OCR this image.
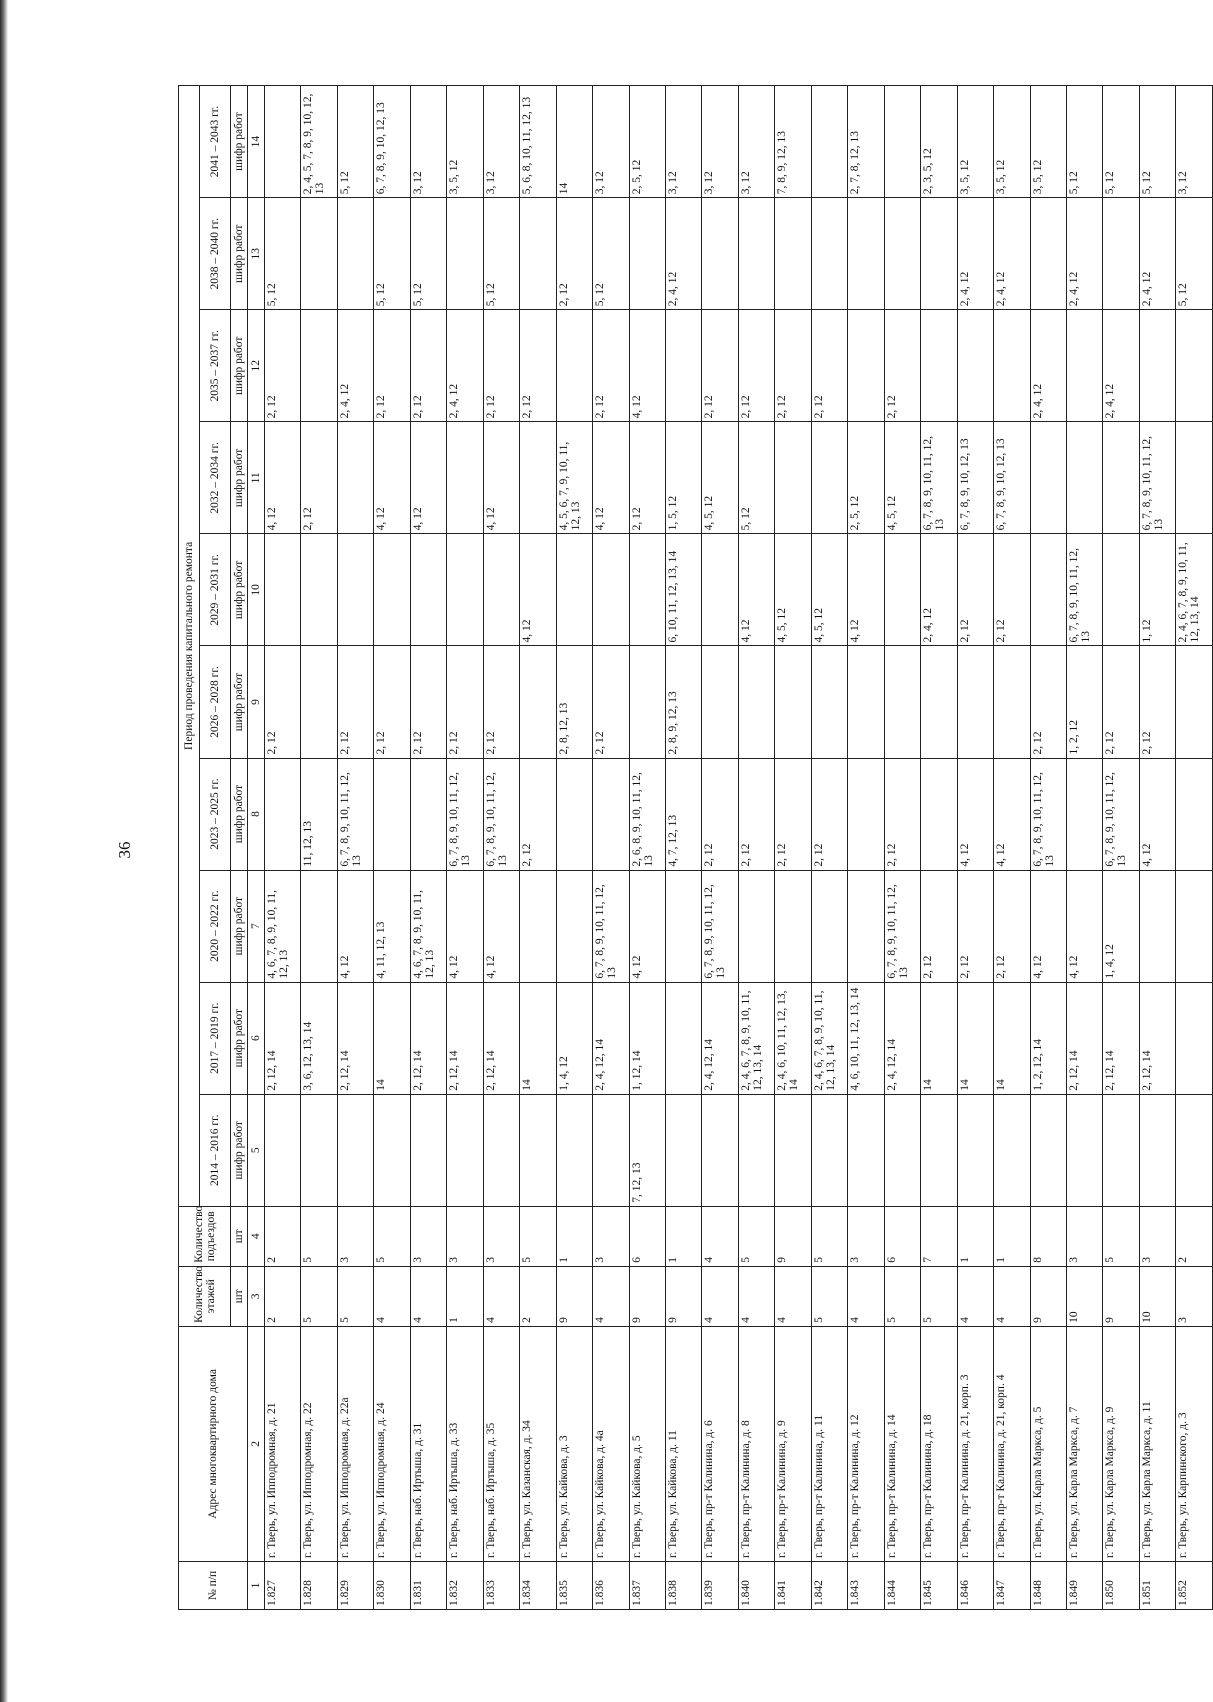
36
№ п/п	Адрес многоквартирного дома	Количество этажей	Количество подъездов	Период проведения капитального ремонта									
				2014 – 2016 гг.	2017 – 2019 гг.	2020 – 2022 гг.	2023 – 2025 гг.	2026 – 2028 гг.	2029 – 2031 гг.	2032 – 2034 гг.	2035 – 2037 гг.	2038 – 2040 гг.	2041 – 2043 гг.
		шт	шт	шифр работ	шифр работ	шифр работ	шифр работ	шифр работ	шифр работ	шифр работ	шифр работ	шифр работ	шифр работ
1	2	3	4	5	6	7	8	9	10	11	12	13	14
1.827	г. Тверь, ул. Ипподромная, д. 21	2	2		2, 12, 14	4, 6, 7, 8, 9, 10, 11, 12, 13		2, 12		4, 12	2, 12	5, 12	
1.828	г. Тверь, ул. Ипподромная, д. 22	5	5		3, 6, 12, 13, 14		11, 12, 13			2, 12			2, 4, 5, 7, 8, 9, 10, 12, 13
1.829	г. Тверь, ул. Ипподромная, д. 22а	5	3		2, 12, 14	4, 12	6, 7, 8, 9, 10, 11, 12, 13	2, 12			2, 4, 12		5, 12
1.830	г. Тверь, ул. Ипподромная, д. 24	4	5		14	4, 11, 12, 13		2, 12		4, 12	2, 12	5, 12	6, 7, 8, 9, 10, 12, 13
1.831	г. Тверь, наб. Иртыша, д. 31	4	3		2, 12, 14	4, 6, 7, 8, 9, 10, 11, 12, 13		2, 12		4, 12	2, 12	5, 12	3, 12
1.832	г. Тверь, наб. Иртыша, д. 33	1	3		2, 12, 14	4, 12	6, 7, 8, 9, 10, 11, 12, 13	2, 12			2, 4, 12		3, 5, 12
1.833	г. Тверь, наб. Иртыша, д. 35	4	3		2, 12, 14	4, 12	6, 7, 8, 9, 10, 11, 12, 13	2, 12		4, 12	2, 12	5, 12	3, 12
1.834	г. Тверь, ул. Казанская, д. 34	2	5		14		2, 12		4, 12		2, 12		5, 6, 8, 10, 11, 12, 13
1.835	г. Тверь, ул. Кайкова, д. 3	9	1		1, 4, 12			2, 8, 12, 13		4, 5, 6, 7, 9, 10, 11, 12, 13		2, 12	14
1.836	г. Тверь, ул. Кайкова, д. 4а	4	3		2, 4, 12, 14	6, 7, 8, 9, 10, 11, 12, 13		2, 12		4, 12	2, 12	5, 12	3, 12
1.837	г. Тверь, ул. Кайкова, д. 5	9	6	7, 12, 13	1, 12, 14	4, 12	2, 6, 8, 9, 10, 11, 12, 13			2, 12	4, 12		2, 5, 12
1.838	г. Тверь, ул. Кайкова, д. 11	9	1				4, 7, 12, 13	2, 8, 9, 12, 13	6, 10, 11, 12, 13, 14	1, 5, 12		2, 4, 12	3, 12
1.839	г. Тверь, пр-т Калинина, д. 6	4	4		2, 4, 12, 14	6, 7, 8, 9, 10, 11, 12, 13	2, 12			4, 5, 12	2, 12		3, 12
1.840	г. Тверь, пр-т Калинина, д. 8	4	5		2, 4, 6, 7, 8, 9, 10, 11, 12, 13, 14		2, 12		4, 12	5, 12	2, 12		3, 12
1.841	г. Тверь, пр-т Калинина, д. 9	4	9		2, 4, 6, 10, 11, 12, 13, 14		2, 12		4, 5, 12		2, 12		7, 8, 9, 12, 13
1.842	г. Тверь, пр-т Калинина, д. 11	5	5		2, 4, 6, 7, 8, 9, 10, 11, 12, 13, 14		2, 12		4, 5, 12		2, 12		
1.843	г. Тверь, пр-т Калинина, д. 12	4	3		4, 6, 10, 11, 12, 13, 14				4, 12	2, 5, 12			2, 7, 8, 12, 13
1.844	г. Тверь, пр-т Калинина, д. 14	5	6		2, 4, 12, 14	6, 7, 8, 9, 10, 11, 12, 13	2, 12			4, 5, 12	2, 12		
1.845	г. Тверь, пр-т Калинина, д. 18	5	7		14	2, 12			2, 4, 12	6, 7, 8, 9, 10, 11, 12, 13			2, 3, 5, 12
1.846	г. Тверь, пр-т Калинина, д. 21, корп. 3	4	1		14	2, 12	4, 12		2, 12	6, 7, 8, 9, 10, 12, 13		2, 4, 12	3, 5, 12
1.847	г. Тверь, пр-т Калинина, д. 21, корп. 4	4	1		14	2, 12	4, 12		2, 12	6, 7, 8, 9, 10, 12, 13		2, 4, 12	3, 5, 12
1.848	г. Тверь, ул. Карла Маркса, д. 5	9	8		1, 2, 12, 14	4, 12	6, 7, 8, 9, 10, 11, 12, 13	2, 12			2, 4, 12		3, 5, 12
1.849	г. Тверь, ул. Карла Маркса, д. 7	10	3		2, 12, 14	4, 12		1, 2, 12	6, 7, 8, 9, 10, 11, 12, 13			2, 4, 12	5, 12
1.850	г. Тверь, ул. Карла Маркса, д. 9	9	5		2, 12, 14	1, 4, 12	6, 7, 8, 9, 10, 11, 12, 13	2, 12			2, 4, 12		5, 12
1.851	г. Тверь, ул. Карла Маркса, д. 11	10	3		2, 12, 14		4, 12	2, 12	1, 12	6, 7, 8, 9, 10, 11, 12, 13		2, 4, 12	5, 12
1.852	г. Тверь, ул. Карпинского, д. 3	3	2						2, 4, 6, 7, 8, 9, 10, 11, 12, 13, 14			5, 12	3, 12
